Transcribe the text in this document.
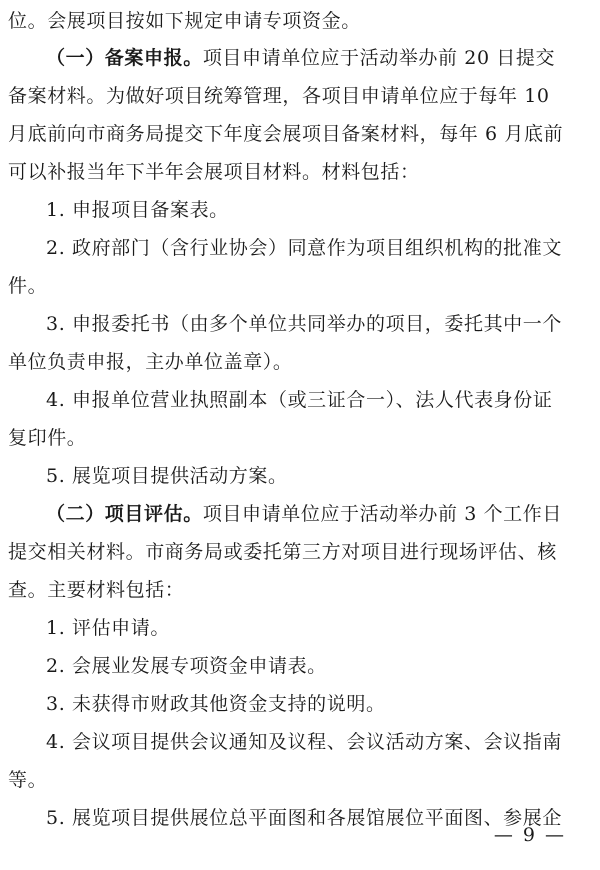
位。会展项目按如下规定申请专项资金。
（一）备案申报。项目申请单位应于活动举办前 20 日提交
备案材料。为做好项目统筹管理，各项目申请单位应于每年 10
月底前向市商务局提交下年度会展项目备案材料，每年 6 月底前
可以补报当年下半年会展项目材料。材料包括：
1. 申报项目备案表。
2. 政府部门（含行业协会）同意作为项目组织机构的批准文
件。
3. 申报委托书（由多个单位共同举办的项目，委托其中一个
单位负责申报，主办单位盖章）。
4. 申报单位营业执照副本（或三证合一）、法人代表身份证
复印件。
5. 展览项目提供活动方案。
（二）项目评估。项目申请单位应于活动举办前 3 个工作日
提交相关材料。市商务局或委托第三方对项目进行现场评估、核
查。主要材料包括：
1. 评估申请。
2. 会展业发展专项资金申请表。
3. 未获得市财政其他资金支持的说明。
4. 会议项目提供会议通知及议程、会议活动方案、会议指南
等。
5. 展览项目提供展位总平面图和各展馆展位平面图、参展企
— 9 —
